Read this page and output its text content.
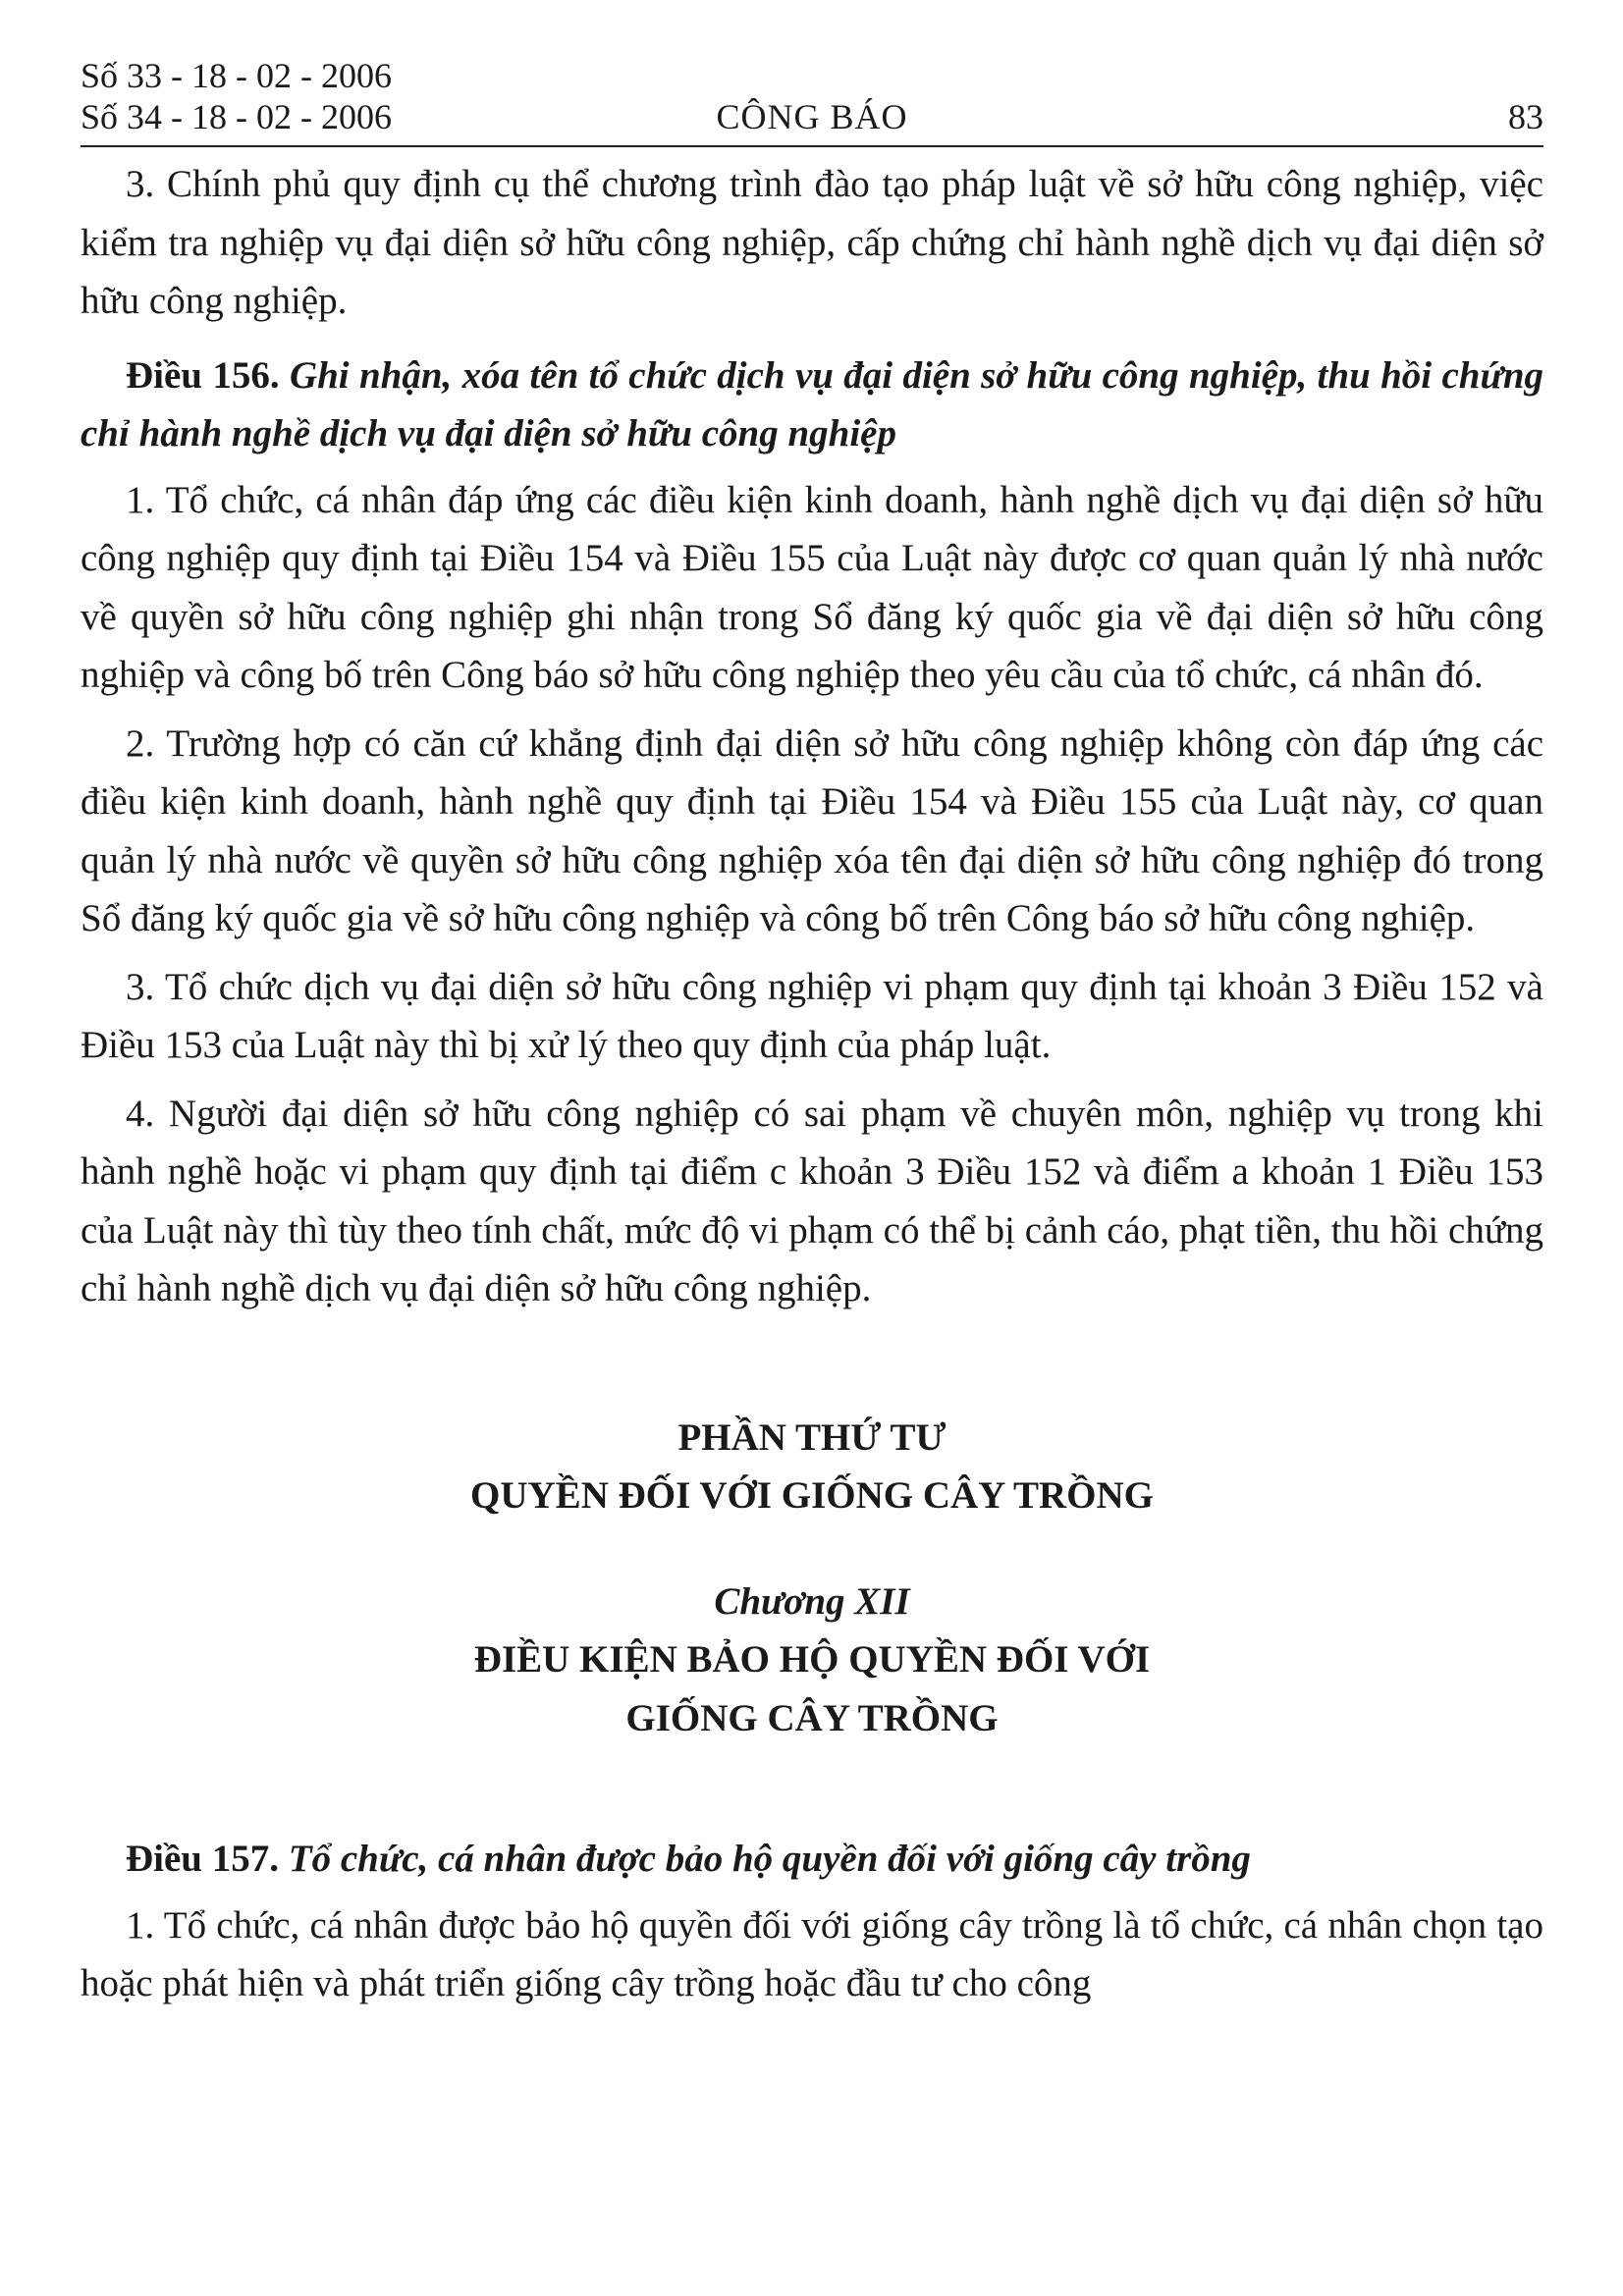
Số 33 - 18 - 02 - 2006
Số 34 - 18 - 02 - 2006	CÔNG BÁO	83

3. Chính phủ quy định cụ thể chương trình đào tạo pháp luật về sở hữu công nghiệp, việc kiểm tra nghiệp vụ đại diện sở hữu công nghiệp, cấp chứng chỉ hành nghề dịch vụ đại diện sở hữu công nghiệp.

Điều 156. Ghi nhận, xóa tên tổ chức dịch vụ đại diện sở hữu công nghiệp, thu hồi chứng chỉ hành nghề dịch vụ đại diện sở hữu công nghiệp

1. Tổ chức, cá nhân đáp ứng các điều kiện kinh doanh, hành nghề dịch vụ đại diện sở hữu công nghiệp quy định tại Điều 154 và Điều 155 của Luật này được cơ quan quản lý nhà nước về quyền sở hữu công nghiệp ghi nhận trong Sổ đăng ký quốc gia về đại diện sở hữu công nghiệp và công bố trên Công báo sở hữu công nghiệp theo yêu cầu của tổ chức, cá nhân đó.

2. Trường hợp có căn cứ khẳng định đại diện sở hữu công nghiệp không còn đáp ứng các điều kiện kinh doanh, hành nghề quy định tại Điều 154 và Điều 155 của Luật này, cơ quan quản lý nhà nước về quyền sở hữu công nghiệp xóa tên đại diện sở hữu công nghiệp đó trong Sổ đăng ký quốc gia về sở hữu công nghiệp và công bố trên Công báo sở hữu công nghiệp.

3. Tổ chức dịch vụ đại diện sở hữu công nghiệp vi phạm quy định tại khoản 3 Điều 152 và Điều 153 của Luật này thì bị xử lý theo quy định của pháp luật.

4. Người đại diện sở hữu công nghiệp có sai phạm về chuyên môn, nghiệp vụ trong khi hành nghề hoặc vi phạm quy định tại điểm c khoản 3 Điều 152 và điểm a khoản 1 Điều 153 của Luật này thì tùy theo tính chất, mức độ vi phạm có thể bị cảnh cáo, phạt tiền, thu hồi chứng chỉ hành nghề dịch vụ đại diện sở hữu công nghiệp.

PHẦN THỨ TƯ
QUYỀN ĐỐI VỚI GIỐNG CÂY TRỒNG
Chương XII
ĐIỀU KIỆN BẢO HỘ QUYỀN ĐỐI VỚI
GIỐNG CÂY TRỒNG

Điều 157. Tổ chức, cá nhân được bảo hộ quyền đối với giống cây trồng

1. Tổ chức, cá nhân được bảo hộ quyền đối với giống cây trồng là tổ chức, cá nhân chọn tạo hoặc phát hiện và phát triển giống cây trồng hoặc đầu tư cho công
